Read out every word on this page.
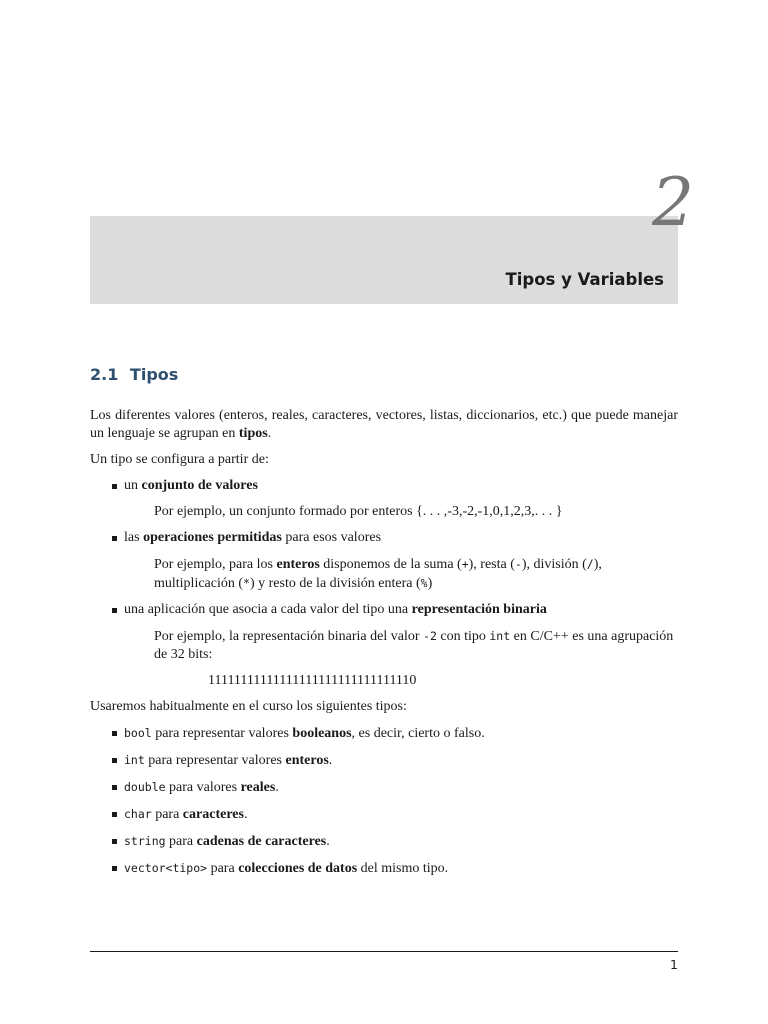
2
Tipos y Variables
2.1 Tipos

Los diferentes valores (enteros, reales, caracteres, vectores, listas, diccionarios, etc.) que puede manejar un lenguaje se agrupan en tipos.

Un tipo se configura a partir de:

un conjunto de valores
Por ejemplo, un conjunto formado por enteros {. . . ,-3,-2,-1,0,1,2,3,. . . }
las operaciones permitidas para esos valores
Por ejemplo, para los enteros disponemos de la suma (+), resta (-), división (/), multiplicación (*) y resto de la división entera (%)
una aplicación que asocia a cada valor del tipo una representación binaria
Por ejemplo, la representación binaria del valor -2 con tipo int en C/C++ es una agrupación de 32 bits:
11111111111111111111111111111110

Usaremos habitualmente en el curso los siguientes tipos:

bool para representar valores booleanos, es decir, cierto o falso.
int para representar valores enteros.
double para valores reales.
char para caracteres.
string para cadenas de caracteres.
vector<tipo> para colecciones de datos del mismo tipo.
1
